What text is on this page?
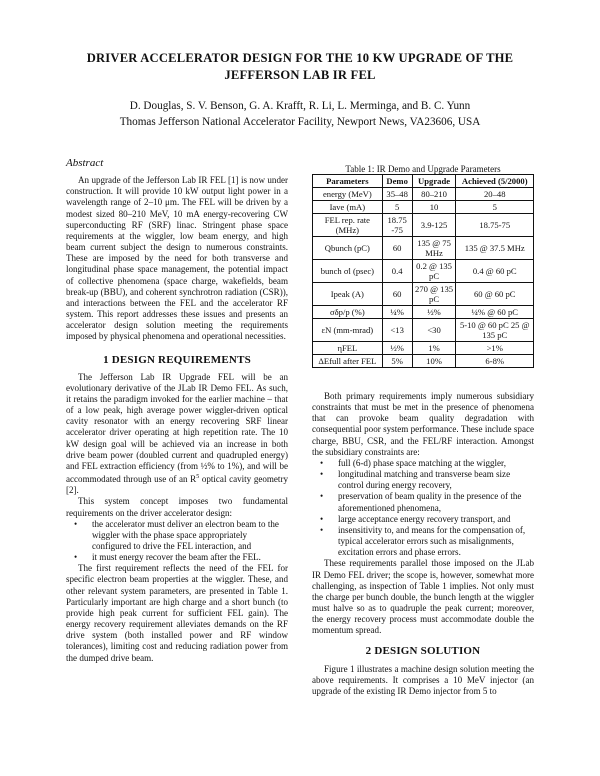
DRIVER ACCELERATOR DESIGN FOR THE 10 KW UPGRADE OF THE
JEFFERSON LAB IR FEL
D. Douglas, S. V. Benson, G. A. Krafft, R. Li, L. Merminga, and B. C. Yunn
Thomas Jefferson National Accelerator Facility, Newport News, VA23606, USA
Abstract

An upgrade of the Jefferson Lab IR FEL [1] is now under construction. It will provide 10 kW output light power in a wavelength range of 2–10 μm. The FEL will be driven by a modest sized 80–210 MeV, 10 mA energy-recovering CW superconducting RF (SRF) linac. Stringent phase space requirements at the wiggler, low beam energy, and high beam current subject the design to numerous constraints. These are imposed by the need for both transverse and longitudinal phase space management, the potential impact of collective phenomena (space charge, wakefields, beam break-up (BBU), and coherent synchrotron radiation (CSR)), and interactions between the FEL and the accelerator RF system. This report addresses these issues and presents an accelerator design solution meeting the requirements imposed by physical phenomena and operational necessities.

1 DESIGN REQUIREMENTS

The Jefferson Lab IR Upgrade FEL will be an evolutionary derivative of the JLab IR Demo FEL. As such, it retains the paradigm invoked for the earlier machine – that of a low peak, high average power wiggler-driven optical cavity resonator with an energy recovering SRF linear accelerator driver operating at high repetition rate. The 10 kW design goal will be achieved via an increase in both drive beam power (doubled current and quadrupled energy) and FEL extraction efficiency (from ½% to 1%), and will be accommodated through use of an $R^5$ optical cavity geometry [2].

This system concept imposes two fundamental requirements on the driver accelerator design:

• the accelerator must deliver an electron beam to the wiggler with the phase space appropriately configured to drive the FEL interaction, and
• it must energy recover the beam after the FEL.

The first requirement reflects the need of the FEL for specific electron beam properties at the wiggler. These, and other relevant system parameters, are presented in Table 1. Particularly important are high charge and a short bunch (to provide high peak current for sufficient FEL gain). The energy recovery requirement alleviates demands on the RF drive system (both installed power and RF window tolerances), limiting cost and reducing radiation power from the dumped drive beam.

Table 1: IR Demo and Upgrade Parameters
Parameters	Demo	Upgrade	Achieved (5/2000)
energy (MeV)	35–48	80–210	20–48
Iave (mA)	5	10	5
FEL rep. rate (MHz)	18.75 -75	3.9-125	18.75-75
Qbunch (pC)	60	135 @ 75 MHz	135 @ 37.5 MHz
bunch σl (psec)	0.4	0.2 @ 135 pC	0.4 @ 60 pC
Ipeak (A)	60	270 @ 135 pC	60 @ 60 pC
σδp/p (%)	¼%	½%	¼% @ 60 pC
εN (mm-mrad)	<13	<30	5-10 @ 60 pC 25 @ 135 pC
ηFEL	½%	1%	>1%
ΔEfull after FEL	5%	10%	6-8%

Both primary requirements imply numerous subsidiary constraints that must be met in the presence of phenomena that can provoke beam quality degradation with consequential poor system performance. These include space charge, BBU, CSR, and the FEL/RF interaction. Amongst the subsidiary constraints are:

• full (6-d) phase space matching at the wiggler,
• longitudinal matching and transverse beam size control during energy recovery,
• preservation of beam quality in the presence of the aforementioned phenomena,
• large acceptance energy recovery transport, and
• insensitivity to, and means for the compensation of, typical accelerator errors such as misalignments, excitation errors and phase errors.

These requirements parallel those imposed on the JLab IR Demo FEL driver; the scope is, however, somewhat more challenging, as inspection of Table 1 implies. Not only must the charge per bunch double, the bunch length at the wiggler must halve so as to quadruple the peak current; moreover, the energy recovery process must accommodate double the momentum spread.

2 DESIGN SOLUTION

Figure 1 illustrates a machine design solution meeting the above requirements. It comprises a 10 MeV injector (an upgrade of the existing IR Demo injector from 5 to
